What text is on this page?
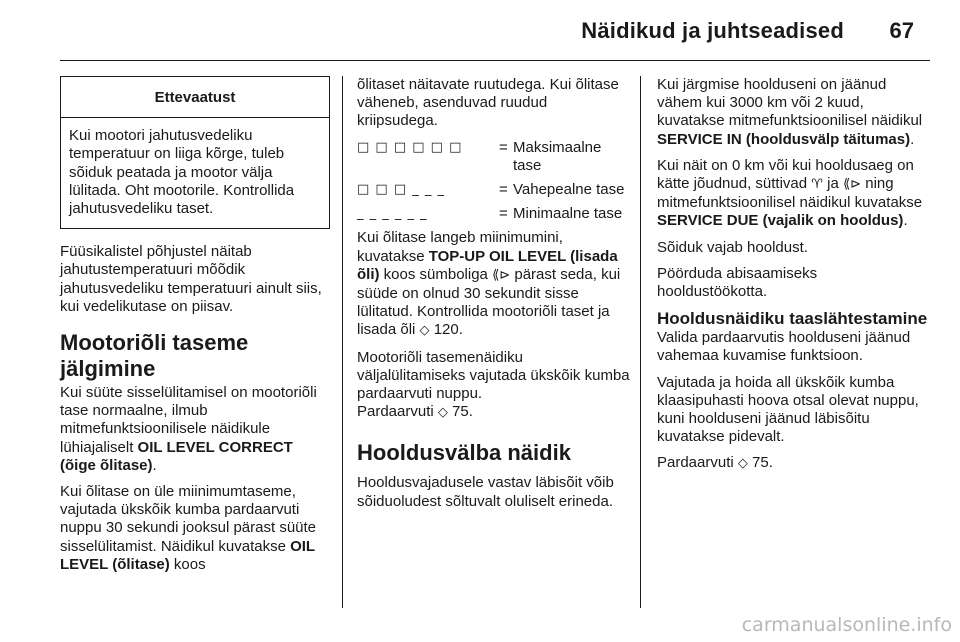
Näidikud ja juhtseadised 67
Ettevaatust
Kui mootori jahutusvedeliku temperatuur on liiga kõrge, tuleb sõiduk peatada ja mootor välja lülitada. Oht mootorile. Kontrollida jahutusvedeliku taset.

Füüsikalistel põhjustel näitab jahutustemperatuuri mõõdik jahutusvedeliku temperatuuri ainult siis, kui vedelikutase on piisav.

Mootoriõli taseme jälgimine

Kui süüte sisselülitamisel on mootoriõli tase normaalne, ilmub mitmefunktsioonilisele näidikule lühiajaliselt OIL LEVEL CORRECT (õige õlitase).

Kui õlitase on üle miinimumtaseme, vajutada ükskõik kumba pardaarvuti nuppu 30 sekundi jooksul pärast süüte sisselülitamist. Näidikul kuvatakse OIL LEVEL (õlitase) koos

õlitaset näitavate ruutudega. Kui õlitase väheneb, asenduvad ruudud kriipsudega.

□ □ □ □ □ □	= Maksimaalne tase
□ □ □ _ _ _	= Vahepealne tase
_ _ _ _ _ _	= Minimaalne tase

Kui õlitase langeb miinimumini, kuvatakse TOP-UP OIL LEVEL (lisada õli) koos sümboliga ⟪⊳ pärast seda, kui süüde on olnud 30 sekundit sisse lülitatud. Kontrollida mootoriõli taset ja lisada õli ◇ 120.

Mootoriõli tasemenäidiku väljalülitamiseks vajutada ükskõik kumba pardaarvuti nuppu.

Pardaarvuti ◇ 75.

Hooldusvälba näidik

Hooldusvajadusele vastav läbisõit võib sõiduoludest sõltuvalt oluliselt erineda.

Kui järgmise hoolduseni on jäänud vähem kui 3000 km või 2 kuud, kuvatakse mitmefunktsioonilisel näidikul SERVICE IN (hooldusvälp täitumas).

Kui näit on 0 km või kui hooldusaeg on kätte jõudnud, süttivad ♈ ja ⟪⊳ ning mitmefunktsioonilisel näidikul kuvatakse SERVICE DUE (vajalik on hooldus).

Sõiduk vajab hooldust.

Pöörduda abisaamiseks hooldustöökotta.

Hooldusnäidiku taaslähtestamine

Valida pardaarvutis hoolduseni jäänud vahemaa kuvamise funktsioon.

Vajutada ja hoida all ükskõik kumba klaasipuhasti hoova otsal olevat nuppu, kuni hoolduseni jäänud läbisõitu kuvatakse pidevalt.

Pardaarvuti ◇ 75.

carmanualsonline.info
